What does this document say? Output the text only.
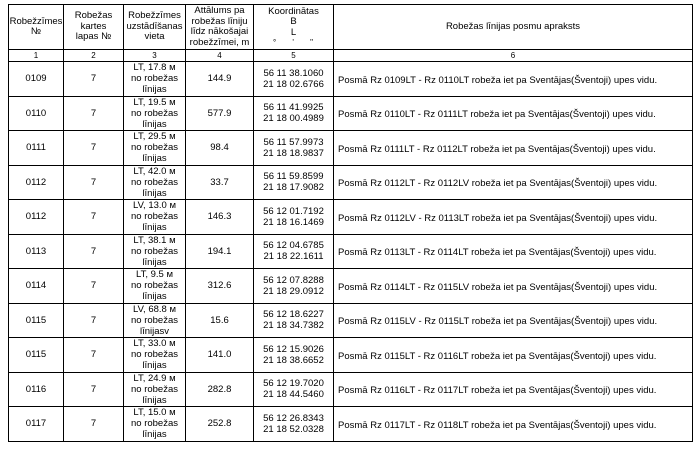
Robežzīmes
№	Robežas
kartes
lapas №	Robežzīmes
uzstādīšanas
vieta	Attālums pa
robežas līniju
līdz nākošajai
robežzīmei, m	Koordinātas
B
L
° ' "	Robežas līnijas posmu apraksts

1	2	3	4	5	6
0109	7	LT, 17.8 м
no robežas
līnijas	144.9	56 11 38.1060
21 18 02.6766	Posmā Rz 0109LT - Rz 0110LT robeža iet pa Sventājas(Šventoji) upes vidu.

0110	7	LT, 19.5 м
no robežas
līnijas	577.9	56 11 41.9925
21 18 00.4989	Posmā Rz 0110LT - Rz 0111LT robeža iet pa Sventājas(Šventoji) upes vidu.

0111	7	LT, 29.5 м
no robežas
līnijas	98.4	56 11 57.9973
21 18 18.9837	Posmā Rz 0111LT - Rz 0112LT robeža iet pa Sventājas(Šventoji) upes vidu.

0112	7	LT, 42.0 м
no robežas
līnijas	33.7	56 11 59.8599
21 18 17.9082	Posmā Rz 0112LT - Rz 0112LV robeža iet pa Sventājas(Šventoji) upes vidu.

0112	7	LV, 13.0 м
no robežas
līnijas	146.3	56 12 01.7192
21 18 16.1469	Posmā Rz 0112LV - Rz 0113LT robeža iet pa Sventājas(Šventoji) upes vidu.

0113	7	LT, 38.1 м
no robežas
līnijas	194.1	56 12 04.6785
21 18 22.1611	Posmā Rz 0113LT - Rz 0114LT robeža iet pa Sventājas(Šventoji) upes vidu.

0114	7	LT, 9.5 м
no robežas
līnijas	312.6	56 12 07.8288
21 18 29.0912	Posmā Rz 0114LT - Rz 0115LV robeža iet pa Sventājas(Šventoji) upes vidu.

0115	7	LV, 68.8 м
no robežas
līnijasv	15.6	56 12 18.6227
21 18 34.7382	Posmā Rz 0115LV - Rz 0115LT robeža iet pa Sventājas(Šventoji) upes vidu.

0115	7	LT, 33.0 м
no robežas
līnijas	141.0	56 12 15.9026
21 18 38.6652	Posmā Rz 0115LT - Rz 0116LT robeža iet pa Sventājas(Šventoji) upes vidu.

0116	7	LT, 24.9 м
no robežas
līnijas	282.8	56 12 19.7020
21 18 44.5460	Posmā Rz 0116LT - Rz 0117LT robeža iet pa Sventājas(Šventoji) upes vidu.

0117	7	LT, 15.0 м
no robežas
līnijas	252.8	56 12 26.8343
21 18 52.0328	Posmā Rz 0117LT - Rz 0118LT robeža iet pa Sventājas(Šventoji) upes vidu.
